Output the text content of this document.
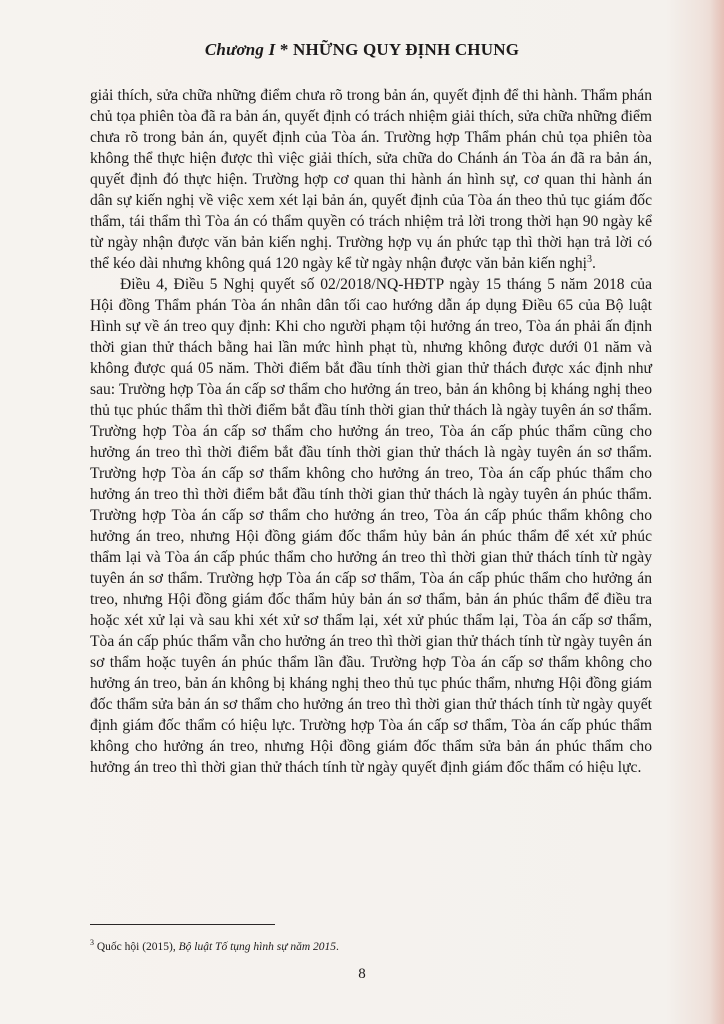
Chương I * NHỮNG QUY ĐỊNH CHUNG

giải thích, sửa chữa những điểm chưa rõ trong bản án, quyết định để thi hành. Thẩm phán chủ tọa phiên tòa đã ra bản án, quyết định có trách nhiệm giải thích, sửa chữa những điểm chưa rõ trong bản án, quyết định của Tòa án. Trường hợp Thẩm phán chủ tọa phiên tòa không thể thực hiện được thì việc giải thích, sửa chữa do Chánh án Tòa án đã ra bản án, quyết định đó thực hiện. Trường hợp cơ quan thi hành án hình sự, cơ quan thi hành án dân sự kiến nghị về việc xem xét lại bản án, quyết định của Tòa án theo thủ tục giám đốc thẩm, tái thẩm thì Tòa án có thẩm quyền có trách nhiệm trả lời trong thời hạn 90 ngày kể từ ngày nhận được văn bản kiến nghị. Trường hợp vụ án phức tạp thì thời hạn trả lời có thể kéo dài nhưng không quá 120 ngày kể từ ngày nhận được văn bản kiến nghị$^3$.

Điều 4, Điều 5 Nghị quyết số 02/2018/NQ-HĐTP ngày 15 tháng 5 năm 2018 của Hội đồng Thẩm phán Tòa án nhân dân tối cao hướng dẫn áp dụng Điều 65 của Bộ luật Hình sự về án treo quy định: Khi cho người phạm tội hưởng án treo, Tòa án phải ấn định thời gian thử thách bằng hai lần mức hình phạt tù, nhưng không được dưới 01 năm và không được quá 05 năm. Thời điểm bắt đầu tính thời gian thử thách được xác định như sau: Trường hợp Tòa án cấp sơ thẩm cho hưởng án treo, bản án không bị kháng nghị theo thủ tục phúc thẩm thì thời điểm bắt đầu tính thời gian thử thách là ngày tuyên án sơ thẩm. Trường hợp Tòa án cấp sơ thẩm cho hưởng án treo, Tòa án cấp phúc thẩm cũng cho hưởng án treo thì thời điểm bắt đầu tính thời gian thử thách là ngày tuyên án sơ thẩm. Trường hợp Tòa án cấp sơ thẩm không cho hưởng án treo, Tòa án cấp phúc thẩm cho hưởng án treo thì thời điểm bắt đầu tính thời gian thử thách là ngày tuyên án phúc thẩm. Trường hợp Tòa án cấp sơ thẩm cho hưởng án treo, Tòa án cấp phúc thẩm không cho hưởng án treo, nhưng Hội đồng giám đốc thẩm hủy bản án phúc thẩm để xét xử phúc thẩm lại và Tòa án cấp phúc thẩm cho hưởng án treo thì thời gian thử thách tính từ ngày tuyên án sơ thẩm. Trường hợp Tòa án cấp sơ thẩm, Tòa án cấp phúc thẩm cho hưởng án treo, nhưng Hội đồng giám đốc thẩm hủy bản án sơ thẩm, bản án phúc thẩm để điều tra hoặc xét xử lại và sau khi xét xử sơ thẩm lại, xét xử phúc thẩm lại, Tòa án cấp sơ thẩm, Tòa án cấp phúc thẩm vẫn cho hưởng án treo thì thời gian thử thách tính từ ngày tuyên án sơ thẩm hoặc tuyên án phúc thẩm lần đầu. Trường hợp Tòa án cấp sơ thẩm không cho hưởng án treo, bản án không bị kháng nghị theo thủ tục phúc thẩm, nhưng Hội đồng giám đốc thẩm sửa bản án sơ thẩm cho hưởng án treo thì thời gian thử thách tính từ ngày quyết định giám đốc thẩm có hiệu lực. Trường hợp Tòa án cấp sơ thẩm, Tòa án cấp phúc thẩm không cho hưởng án treo, nhưng Hội đồng giám đốc thẩm sửa bản án phúc thẩm cho hưởng án treo thì thời gian thử thách tính từ ngày quyết định giám đốc thẩm có hiệu lực.

$^3$ Quốc hội (2015), Bộ luật Tố tụng hình sự năm 2015.
8
